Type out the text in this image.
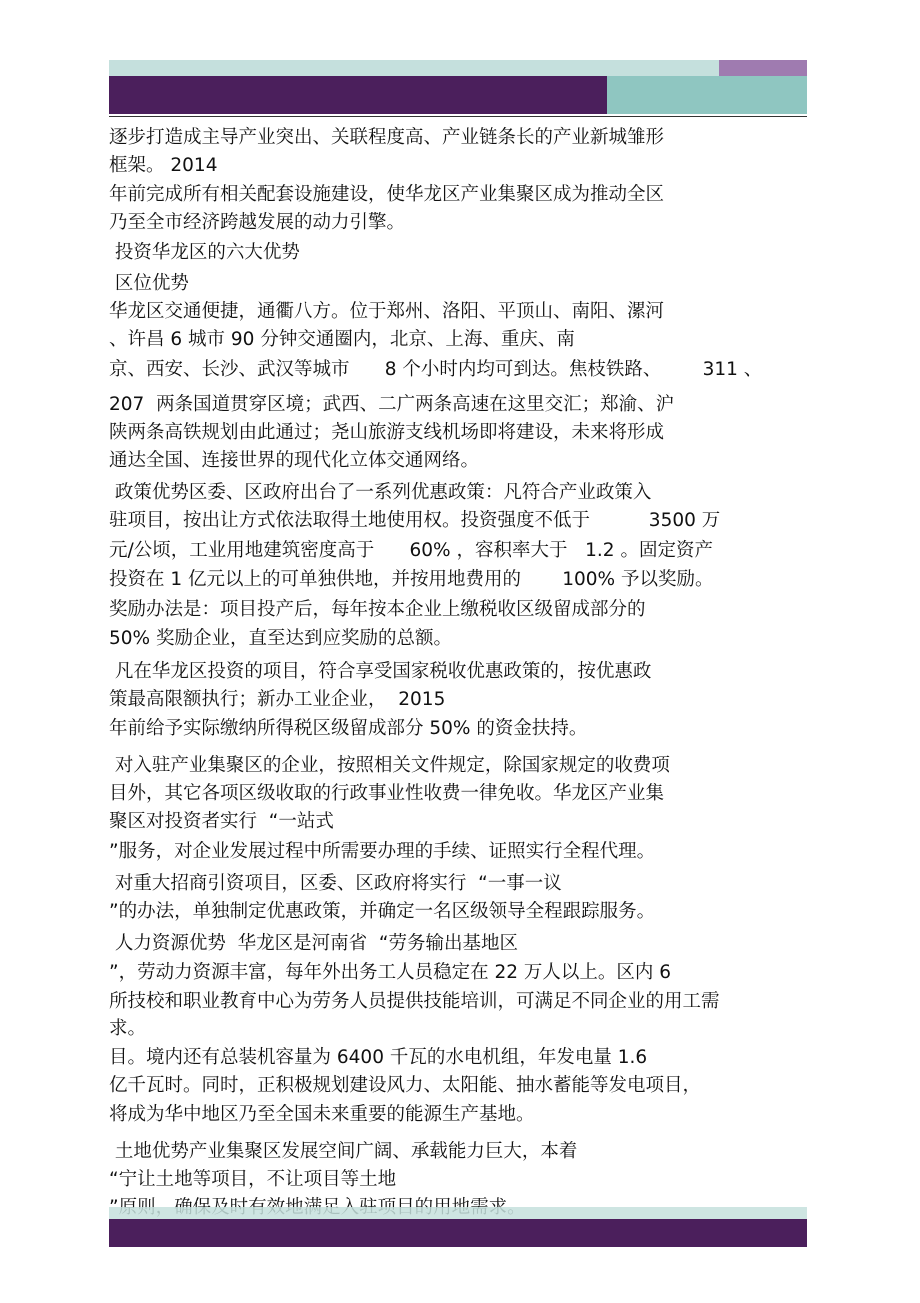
逐步打造成主导产业突出、关联程度高、产业链条长的产业新城雏形
框架。 2014
年前完成所有相关配套设施建设，使华龙区产业集聚区成为推动全区
乃至全市经济跨越发展的动力引擎。
投资华龙区的六大优势
区位优势
华龙区交通便捷，通衢八方。位于郑州、洛阳、平顶山、南阳、漯河
、许昌 6 城市 90 分钟交通圈内，北京、上海、重庆、南
京、西安、长沙、武汉等城市      8 个小时内均可到达。焦枝铁路、       311 、
207  两条国道贯穿区境；武西、二广两条高速在这里交汇；郑渝、沪
陕两条高铁规划由此通过；尧山旅游支线机场即将建设，未来将形成
通达全国、连接世界的现代化立体交通网络。
政策优势区委、区政府出台了一系列优惠政策：凡符合产业政策入
驻项目，按出让方式依法取得土地使用权。投资强度不低于          3500 万
元/公顷，工业用地建筑密度高于      60% ，容积率大于   1.2 。固定资产
投资在 1 亿元以上的可单独供地，并按用地费用的       100% 予以奖励。
奖励办法是：项目投产后，每年按本企业上缴税收区级留成部分的
50% 奖励企业，直至达到应奖励的总额。
凡在华龙区投资的项目，符合享受国家税收优惠政策的，按优惠政
策最高限额执行；新办工业企业，  2015
年前给予实际缴纳所得税区级留成部分 50% 的资金扶持。
对入驻产业集聚区的企业，按照相关文件规定，除国家规定的收费项
目外，其它各项区级收取的行政事业性收费一律免收。华龙区产业集
聚区对投资者实行  “一站式
”服务，对企业发展过程中所需要办理的手续、证照实行全程代理。
对重大招商引资项目，区委、区政府将实行  “一事一议
”的办法，单独制定优惠政策，并确定一名区级领导全程跟踪服务。
人力资源优势  华龙区是河南省  “劳务输出基地区
”，劳动力资源丰富，每年外出务工人员稳定在 22 万人以上。区内 6
所技校和职业教育中心为劳务人员提供技能培训，可满足不同企业的用工需
求。
目。境内还有总装机容量为 6400 千瓦的水电机组，年发电量 1.6
亿千瓦时。同时，正积极规划建设风力、太阳能、抽水蓄能等发电项目，
将成为华中地区乃至全国未来重要的能源生产基地。
土地优势产业集聚区发展空间广阔、承载能力巨大，本着
“宁让土地等项目，不让项目等土地
